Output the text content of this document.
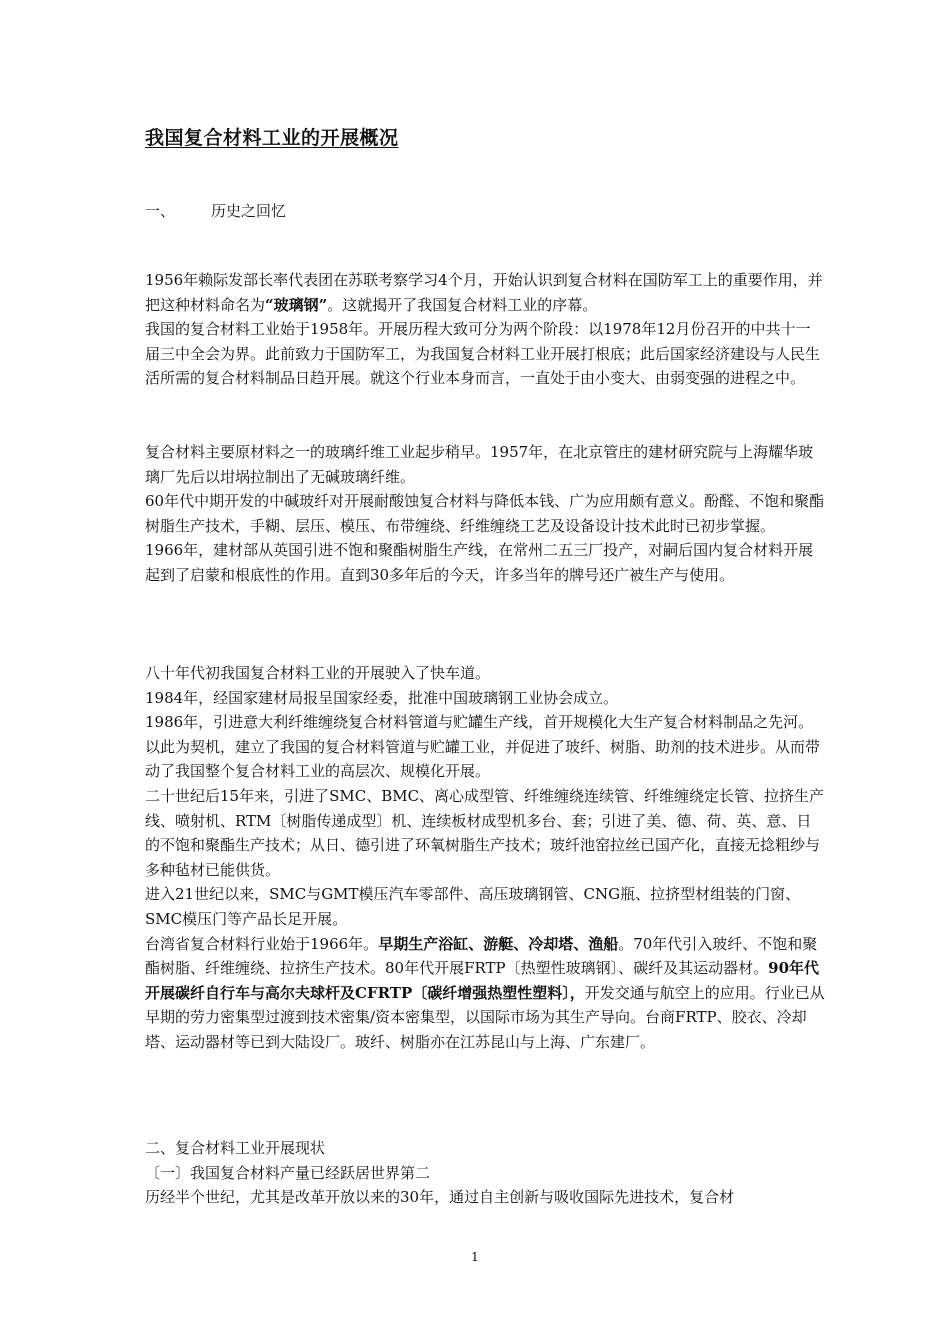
我国复合材料工业的开展概况
一、 历史之回忆

1956年赖际发部长率代表团在苏联考察学习4个月，开始认识到复合材料在国防军工上的重要作用，并把这种材料命名为“玻璃钢”。这就揭开了我国复合材料工业的序幕。

我国的复合材料工业始于1958年。开展历程大致可分为两个阶段：以1978年12月份召开的中共十一届三中全会为界。此前致力于国防军工，为我国复合材料工业开展打根底；此后国家经济建设与人民生活所需的复合材料制品日趋开展。就这个行业本身而言，一直处于由小变大、由弱变强的进程之中。

复合材料主要原材料之一的玻璃纤维工业起步稍早。1957年，在北京管庄的建材研究院与上海耀华玻璃厂先后以坩埚拉制出了无碱玻璃纤维。

60年代中期开发的中碱玻纤对开展耐酸蚀复合材料与降低本钱、广为应用颇有意义。酚醛、不饱和聚酯树脂生产技术，手糊、层压、模压、布带缠绕、纤维缠绕工艺及设备设计技术此时已初步掌握。

1966年，建材部从英国引进不饱和聚酯树脂生产线，在常州二五三厂投产，对嗣后国内复合材料开展起到了启蒙和根底性的作用。直到30多年后的今天，许多当年的牌号还广被生产与使用。

八十年代初我国复合材料工业的开展驶入了快车道。

1984年，经国家建材局报呈国家经委，批准中国玻璃钢工业协会成立。

1986年，引进意大利纤维缠绕复合材料管道与贮罐生产线，首开规模化大生产复合材料制品之先河。以此为契机，建立了我国的复合材料管道与贮罐工业，并促进了玻纤、树脂、助剂的技术进步。从而带动了我国整个复合材料工业的高层次、规模化开展。

二十世纪后15年来，引进了SMC、BMC、离心成型管、纤维缠绕连续管、纤维缠绕定长管、拉挤生产线、喷射机、RTM〔树脂传递成型〕机、连续板材成型机多台、套；引进了美、德、荷、英、意、日的不饱和聚酯生产技术；从日、德引进了环氧树脂生产技术；玻纤池窑拉丝已国产化，直接无捻粗纱与多种毡材已能供货。

进入21世纪以来，SMC与GMT模压汽车零部件、高压玻璃钢管、CNG瓶、拉挤型材组装的门窗、SMC模压门等产品长足开展。

台湾省复合材料行业始于1966年。早期生产浴缸、游艇、冷却塔、渔船。70年代引入玻纤、不饱和聚酯树脂、纤维缠绕、拉挤生产技术。80年代开展FRTP〔热塑性玻璃钢〕、碳纤及其运动器材。90年代开展碳纤自行车与高尔夫球杆及CFRTP〔碳纤增强热塑性塑料〕，开发交通与航空上的应用。行业已从早期的劳力密集型过渡到技术密集/资本密集型，以国际市场为其生产导向。台商FRTP、胶衣、冷却塔、运动器材等已到大陆设厂。玻纤、树脂亦在江苏昆山与上海、广东建厂。

二、复合材料工业开展现状

〔一〕我国复合材料产量已经跃居世界第二

历经半个世纪，尤其是改革开放以来的30年，通过自主创新与吸收国际先进技术，复合材

1
